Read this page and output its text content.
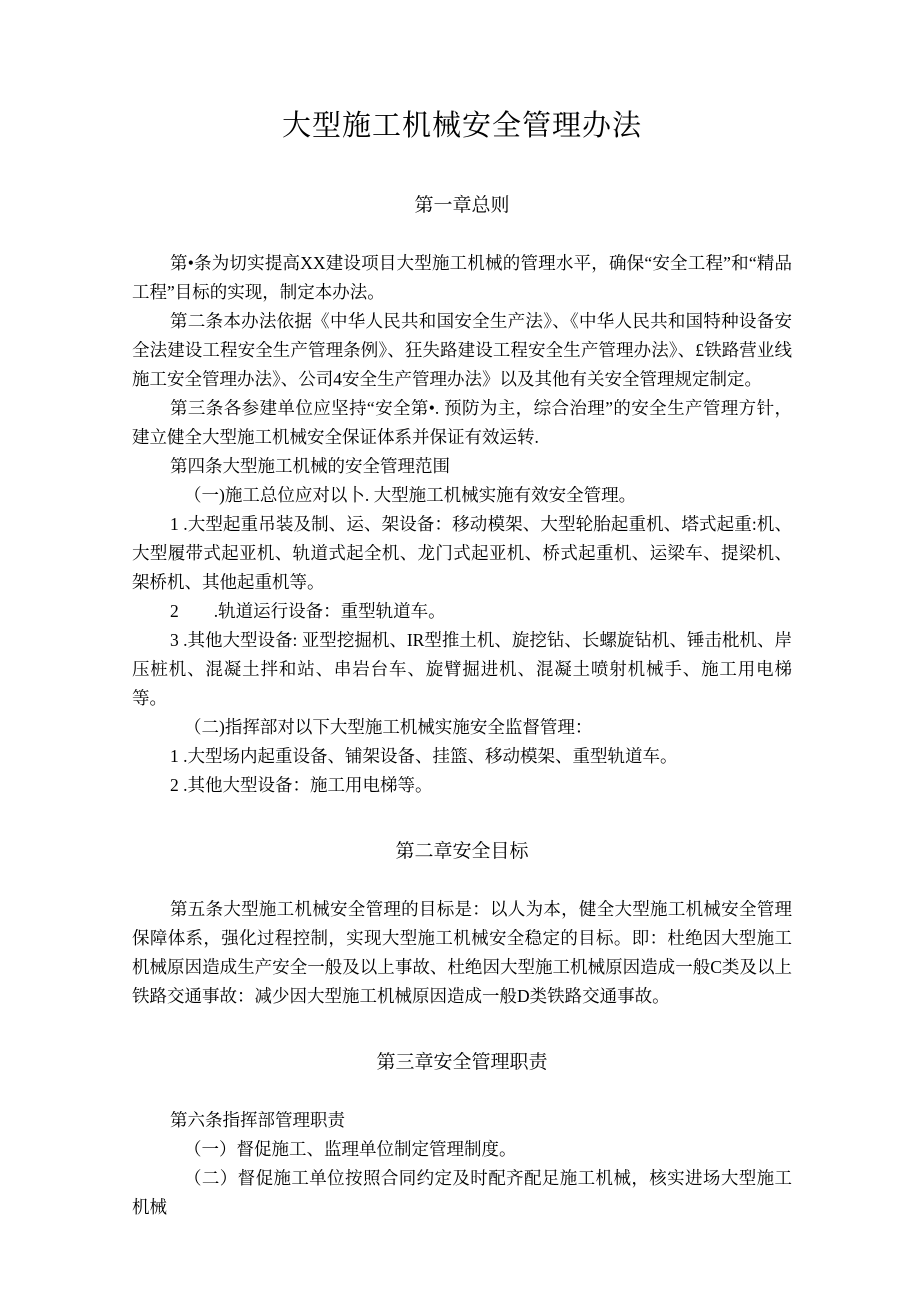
大型施工机械安全管理办法
第一章总则

第•条为切实提高XX建设项目大型施工机械的管理水平，确保“安全工程”和“精品工程”目标的实现，制定本办法。

第二条本办法依据《中华人民共和国安全生产法》、《中华人民共和国特种设备安全法建设工程安全生产管理条例》、狂失路建设工程安全生产管理办法》、£铁路营业线施工安全管理办法》、公司4安全生产管理办法》以及其他有关安全管理规定制定。

第三条各参建单位应坚持“安全第•. 预防为主，综合治理”的安全生产管理方针，建立健全大型施工机械安全保证体系并保证有效运转.

第四条大型施工机械的安全管理范围

（一)施工总位应对以卜. 大型施工机械实施有效安全管理。

1 .大型起重吊装及制、运、架设备：移动模架、大型轮胎起重机、塔式起重:机、大型履带式起亚机、轨道式起全机、龙门式起亚机、桥式起重机、运梁车、提梁机、架桥机、其他起重机等。

2　　.轨道运行设备：重型轨道车。

3 .其他大型设备: 亚型挖掘机、IR型推土机、旋挖钻、长螺旋钻机、锤击枇机、岸压桩机、混凝土拌和站、串岩台车、旋臂掘进机、混凝土喷射机械手、施工用电梯等。

（二)指挥部对以下大型施工机械实施安全监督管理：

1 .大型场内起重设备、铺架设备、挂篮、移动模架、重型轨道车。

2 .其他大型设备：施工用电梯等。

第二章安全目标

第五条大型施工机械安全管理的目标是：以人为本，健全大型施工机械安全管理保障体系，强化过程控制，实现大型施工机械安全稳定的目标。即：杜绝因大型施工机械原因造成生产安全一般及以上事故、杜绝因大型施工机械原因造成一般C类及以上铁路交通事故：减少因大型施工机械原因造成一般D类铁路交通事故。

第三章安全管理职责

第六条指挥部管理职责

（一）督促施工、监理单位制定管理制度。

（二）督促施工单位按照合同约定及时配齐配足施工机械，核实进场大型施工机械
